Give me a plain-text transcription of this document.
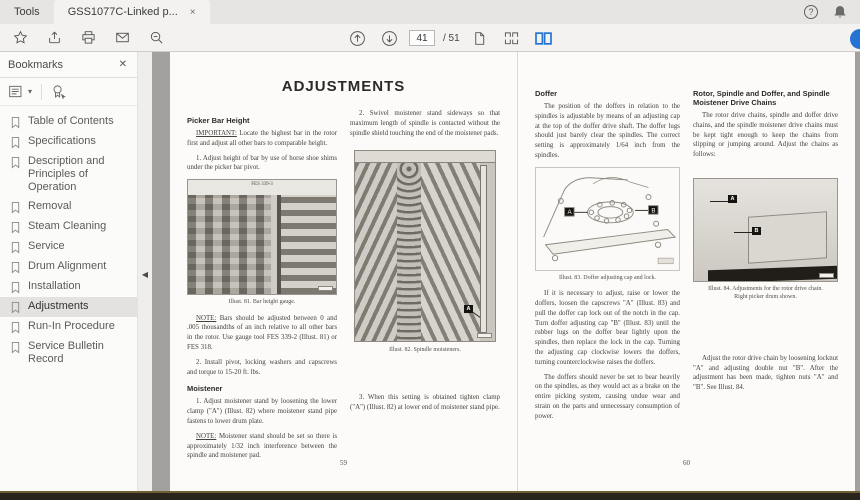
Tools	GSS1077C-Linked p... ×	?
41
/ 51
Bookmarks	✕
▾
Table of Contents
Specifications
Description and Principles of Operation
Removal
Steam Cleaning
Service
Drum Alignment
Installation
Adjustments
Run-In Procedure
Service Bulletin Record
◀
ADJUSTMENTS
Picker Bar Height

IMPORTANT: Locate the highest bar in the rotor first and adjust all other bars to comparable height.

1. Adjust height of bar by use of horse shoe shims under the picker bar pivot.

FES 339-3
Illust. 81. Bar height gauge.

NOTE: Bars should be adjusted between 0 and .005 thousandths of an inch relative to all other bars in the rotor. Use gauge tool FES 339-2 (Illust. 81) or FES 318.

2. Install pivot, locking washers and capscrews and torque to 15-20 ft. lbs.

Moistener

1. Adjust moistener stand by loosening the lower clamp ("A") (Illust. 82) where moistener stand pipe fastens to lower drum plate.

NOTE: Moistener stand should be set so there is approximately 1/32 inch interference between the spindle and moistener pad.

2. Swivel moistener stand sideways so that maximum length of spindle is contacted without the spindle shield touching the end of the moistener pads.

A
Illust. 82. Spindle moisteners.

3. When this setting is obtained tighten clamp ("A") (Illust. 82) at lower end of moistener stand pipe.

59
Doffer

The position of the doffers in relation to the spindles is adjustable by means of an adjusting cap at the top of the doffer drive shaft. The doffer lugs should just barely clear the spindles. The correct setting is approximately 1/64 inch from the spindles.

A	B
Illust. 83. Doffer adjusting cap and lock.

If it is necessary to adjust, raise or lower the doffers, loosen the capscrews "A" (Illust. 83) and pull the doffer cap lock out of the notch in the cap. Turn doffer adjusting cap "B" (Illust. 83) until the rubber lugs on the doffer bear lightly upon the spindles, then replace the lock in the cap. Turning the adjusting cap clockwise lowers the doffers, turning counterclockwise raises the doffers.

The doffers should never be set to bear heavily on the spindles, as they would act as a brake on the entire picking system, causing undue wear and strain on the parts and unnecessary consumption of power.

Rotor, Spindle and Doffer, and Spindle Moistener Drive Chains

The rotor drive chains, spindle and doffer drive chains, and the spindle moistener drive chains must be kept tight enough to keep the chains from slipping or jumping around. Adjust the chains as follows:

A
B
Illust. 84. Adjustments for the rotor drive chain.
Right picker drum shown.

Adjust the rotor drive chain by loosening locknut "A" and adjusting double nut "B". After the adjustment has been made, tighten nuts "A" and "B". See Illust. 84.

60
